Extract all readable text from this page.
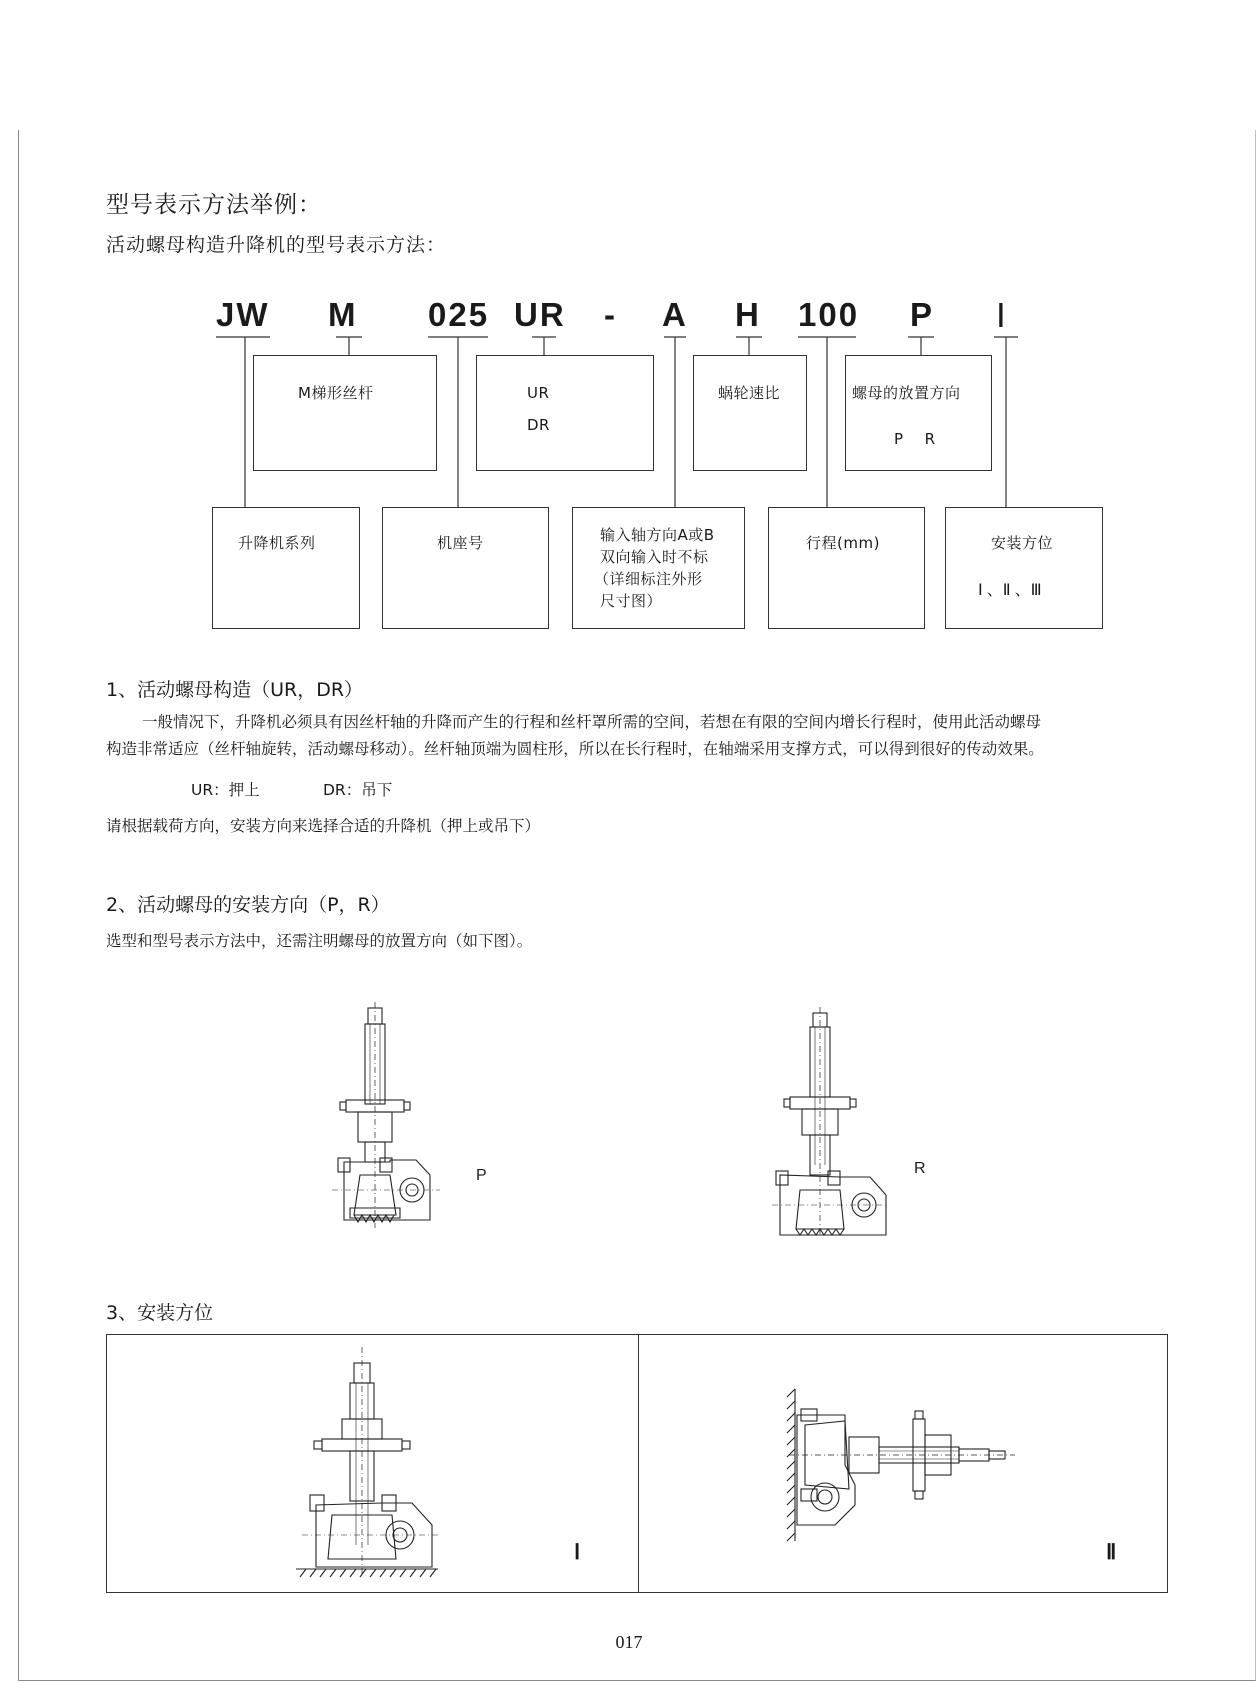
型号表示方法举例：
活动螺母构造升降机的型号表示方法：
JW M 025 UR - A H 100 P Ⅰ
M梯形丝杆	UR
DR
蜗轮速比	螺母的放置方向
P    R
升降机系列	机座号	输入轴方向A或B
双向输入时不标
（详细标注外形
尺寸图）
行程(mm)	安装方位
Ⅰ 、Ⅱ 、Ⅲ
1、活动螺母构造（UR，DR）
一般情况下，升降机必须具有因丝杆轴的升降而产生的行程和丝杆罩所需的空间，若想在有限的空间内增长行程时，使用此活动螺母
构造非常适应（丝杆轴旋转，活动螺母移动）。丝杆轴顶端为圆柱形，所以在长行程时，在轴端采用支撑方式，可以得到很好的传动效果。
UR：押上	DR：吊下
请根据载荷方向，安装方向来选择合适的升降机（押上或吊下）
2、活动螺母的安装方向（P，R）
选型和型号表示方法中，还需注明螺母的放置方向（如下图）。
P	R
3、安装方位
Ⅰ	Ⅱ
017
